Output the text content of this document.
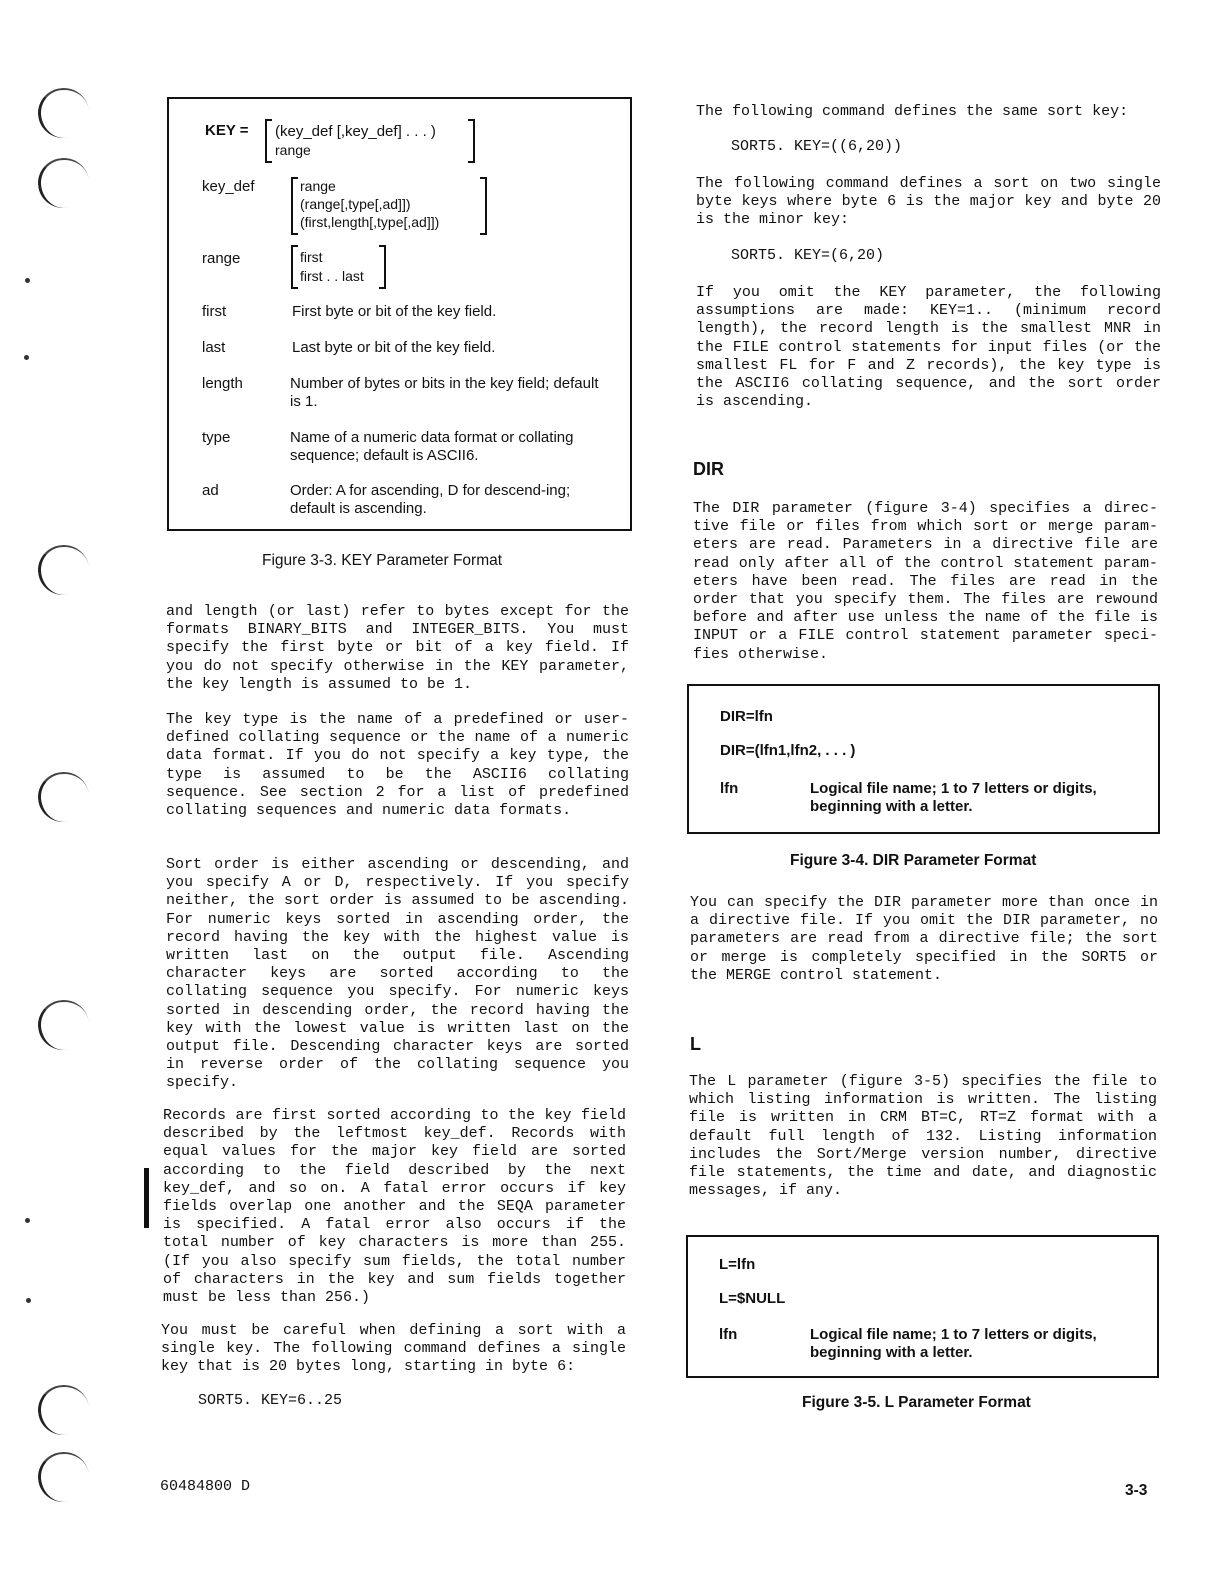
KEY = (key_def [,key_def] . . . )
range
key_def	range
(range[,type[,ad]])
(first,length[,type[,ad]])
range	first
first . . last
first	First byte or bit of the key field.
last	Last byte or bit of the key field.
length	Number of bytes or bits in the key field; default is 1.
type	Name of a numeric data format or collating sequence; default is ASCII6.
ad	Order: A for ascending, D for descend-ing; default is ascending.
Figure 3-3. KEY Parameter Format
and length (or last) refer to bytes except for the formats BINARY_BITS and INTEGER_BITS. You must specify the first byte or bit of a key field. If you do not specify otherwise in the KEY parameter, the key length is assumed to be 1.
The key type is the name of a predefined or user-defined collating sequence or the name of a numeric data format. If you do not specify a key type, the type is assumed to be the ASCII6 collating sequence. See section 2 for a list of predefined collating sequences and numeric data formats.
Sort order is either ascending or descending, and you specify A or D, respectively. If you specify neither, the sort order is assumed to be ascending. For numeric keys sorted in ascending order, the record having the key with the highest value is written last on the output file. Ascending character keys are sorted according to the collating sequence you specify. For numeric keys sorted in descending order, the record having the key with the lowest value is written last on the output file. Descending character keys are sorted in reverse order of the collating sequence you specify.
Records are first sorted according to the key field described by the leftmost key_def. Records with equal values for the major key field are sorted according to the field described by the next key_def, and so on. A fatal error occurs if key fields overlap one another and the SEQA parameter is specified. A fatal error also occurs if the total number of key characters is more than 255. (If you also specify sum fields, the total number of characters in the key and sum fields together must be less than 256.)
You must be careful when defining a sort with a single key. The following command defines a single key that is 20 bytes long, starting in byte 6:
SORT5. KEY=6..25
The following command defines the same sort key:
SORT5. KEY=((6,20))
The following command defines a sort on two single byte keys where byte 6 is the major key and byte 20 is the minor key:
SORT5. KEY=(6,20)
If you omit the KEY parameter, the following assumptions are made: KEY=1.. (minimum record length), the record length is the smallest MNR in the FILE control statements for input files (or the smallest FL for F and Z records), the key type is the ASCII6 collating sequence, and the sort order is ascending.
DIR
The DIR parameter (figure 3-4) specifies a direc-tive file or files from which sort or merge param-eters are read. Parameters in a directive file are read only after all of the control statement param-eters have been read. The files are read in the order that you specify them. The files are rewound before and after use unless the name of the file is INPUT or a FILE control statement parameter speci-fies otherwise.
DIR=lfn
DIR=(lfn1,lfn2, . . . )
lfn	Logical file name; 1 to 7 letters or digits, beginning with a letter.
Figure 3-4. DIR Parameter Format
You can specify the DIR parameter more than once in a directive file. If you omit the DIR parameter, no parameters are read from a directive file; the sort or merge is completely specified in the SORT5 or the MERGE control statement.
L
The L parameter (figure 3-5) specifies the file to which listing information is written. The listing file is written in CRM BT=C, RT=Z format with a default full length of 132. Listing information includes the Sort/Merge version number, directive file statements, the time and date, and diagnostic messages, if any.
L=lfn
L=$NULL
lfn	Logical file name; 1 to 7 letters or digits, beginning with a letter.
Figure 3-5. L Parameter Format
60484800 D	3-3
